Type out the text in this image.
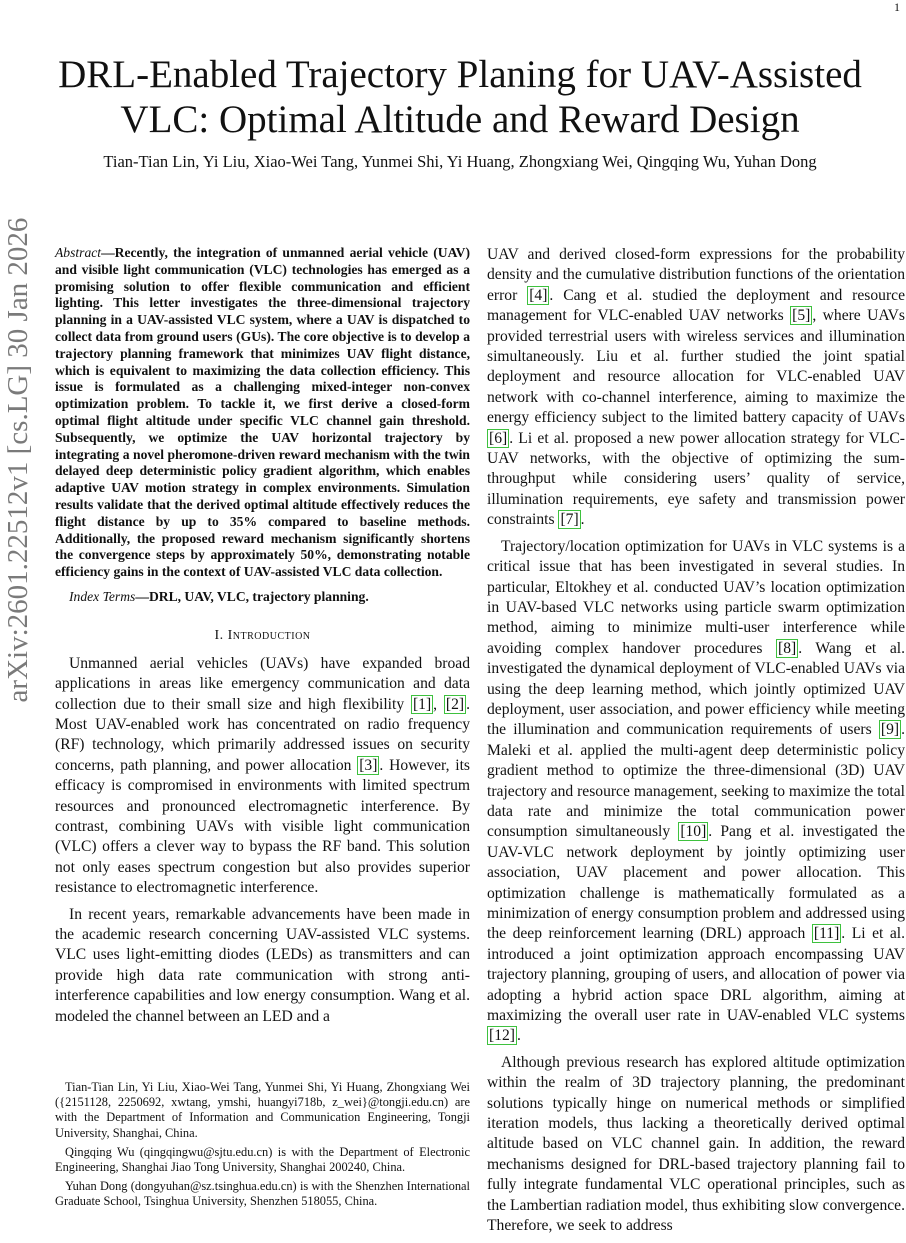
1
arXiv:2601.22512v1 [cs.LG] 30 Jan 2026
DRL-Enabled Trajectory Planing for UAV-Assisted VLC: Optimal Altitude and Reward Design
Tian-Tian Lin, Yi Liu, Xiao-Wei Tang, Yunmei Shi, Yi Huang, Zhongxiang Wei, Qingqing Wu, Yuhan Dong

Abstract—Recently, the integration of unmanned aerial vehicle (UAV) and visible light communication (VLC) technologies has emerged as a promising solution to offer flexible communication and efficient lighting. This letter investigates the three-dimensional trajectory planning in a UAV-assisted VLC system, where a UAV is dispatched to collect data from ground users (GUs). The core objective is to develop a trajectory planning framework that minimizes UAV flight distance, which is equivalent to maximizing the data collection efficiency. This issue is formulated as a challenging mixed-integer non-convex optimization problem. To tackle it, we first derive a closed-form optimal flight altitude under specific VLC channel gain threshold. Subsequently, we optimize the UAV horizontal trajectory by integrating a novel pheromone-driven reward mechanism with the twin delayed deep deterministic policy gradient algorithm, which enables adaptive UAV motion strategy in complex environments. Simulation results validate that the derived optimal altitude effectively reduces the flight distance by up to 35% compared to baseline methods. Additionally, the proposed reward mechanism significantly shortens the convergence steps by approximately 50%, demonstrating notable efficiency gains in the context of UAV-assisted VLC data collection.

Index Terms—DRL, UAV, VLC, trajectory planning.

I. Introduction

Unmanned aerial vehicles (UAVs) have expanded broad applications in areas like emergency communication and data collection due to their small size and high flexibility [1] , [2] . Most UAV-enabled work has concentrated on radio frequency (RF) technology, which primarily addressed issues on security concerns, path planning, and power allocation [3] . However, its efficacy is compromised in environments with limited spectrum resources and pronounced electromagnetic interference. By contrast, combining UAVs with visible light communication (VLC) offers a clever way to bypass the RF band. This solution not only eases spectrum congestion but also provides superior resistance to electromagnetic interference.

In recent years, remarkable advancements have been made in the academic research concerning UAV-assisted VLC systems. VLC uses light-emitting diodes (LEDs) as transmitters and can provide high data rate communication with strong anti-interference capabilities and low energy consumption. Wang et al. modeled the channel between an LED and a

Tian-Tian Lin, Yi Liu, Xiao-Wei Tang, Yunmei Shi, Yi Huang, Zhongxiang Wei ({2151128, 2250692, xwtang, ymshi, huangyi718b, z_wei}@tongji.edu.cn) are with the Department of Information and Communication Engineering, Tongji University, Shanghai, China.

Qingqing Wu (qingqingwu@sjtu.edu.cn) is with the Department of Electronic Engineering, Shanghai Jiao Tong University, Shanghai 200240, China.

Yuhan Dong (dongyuhan@sz.tsinghua.edu.cn) is with the Shenzhen International Graduate School, Tsinghua University, Shenzhen 518055, China.

UAV and derived closed-form expressions for the probability density and the cumulative distribution functions of the orientation error [4] . Cang et al. studied the deployment and resource management for VLC-enabled UAV networks [5] , where UAVs provided terrestrial users with wireless services and illumination simultaneously. Liu et al. further studied the joint spatial deployment and resource allocation for VLC-enabled UAV network with co-channel interference, aiming to maximize the energy efficiency subject to the limited battery capacity of UAVs [6] . Li et al. proposed a new power allocation strategy for VLC-UAV networks, with the objective of optimizing the sum-throughput while considering users’ quality of service, illumination requirements, eye safety and transmission power constraints [7] .

Trajectory/location optimization for UAVs in VLC systems is a critical issue that has been investigated in several studies. In particular, Eltokhey et al. conducted UAV’s location optimization in UAV-based VLC networks using particle swarm optimization method, aiming to minimize multi-user interference while avoiding complex handover procedures [8] . Wang et al. investigated the dynamical deployment of VLC-enabled UAVs via using the deep learning method, which jointly optimized UAV deployment, user association, and power efficiency while meeting the illumination and communication requirements of users [9] . Maleki et al. applied the multi-agent deep deterministic policy gradient method to optimize the three-dimensional (3D) UAV trajectory and resource management, seeking to maximize the total data rate and minimize the total communication power consumption simultaneously [10] . Pang et al. investigated the UAV-VLC network deployment by jointly optimizing user association, UAV placement and power allocation. This optimization challenge is mathematically formulated as a minimization of energy consumption problem and addressed using the deep reinforcement learning (DRL) approach [11] . Li et al. introduced a joint optimization approach encompassing UAV trajectory planning, grouping of users, and allocation of power via adopting a hybrid action space DRL algorithm, aiming at maximizing the overall user rate in UAV-enabled VLC systems [12] .

Although previous research has explored altitude optimization within the realm of 3D trajectory planning, the predominant solutions typically hinge on numerical methods or simplified iteration models, thus lacking a theoretically derived optimal altitude based on VLC channel gain. In addition, the reward mechanisms designed for DRL-based trajectory planning fail to fully integrate fundamental VLC operational principles, such as the Lambertian radiation model, thus exhibiting slow convergence. Therefore, we seek to address
